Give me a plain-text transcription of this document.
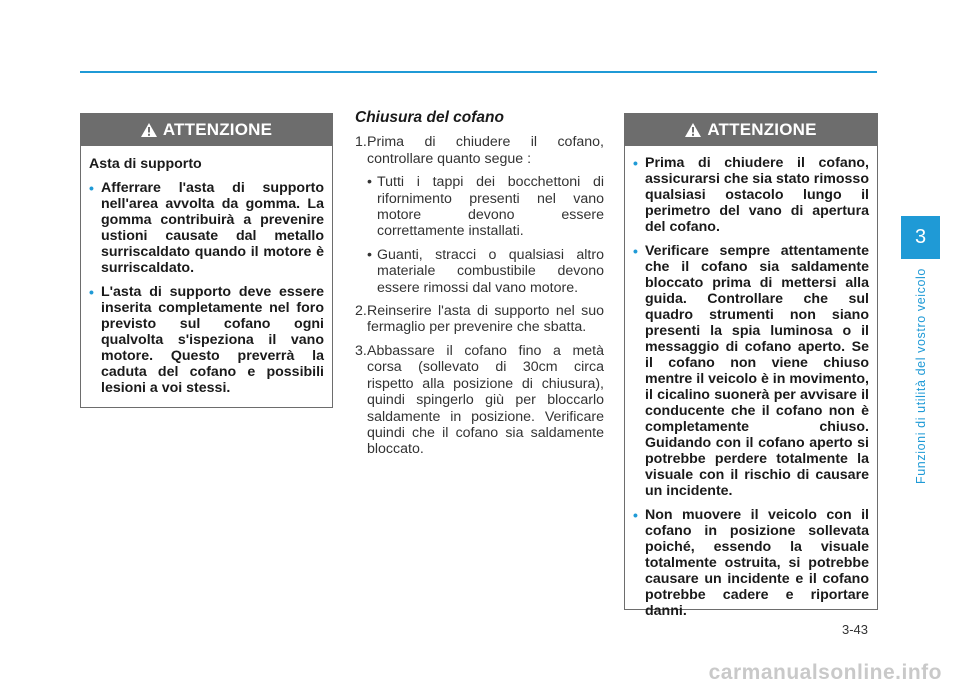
ATTENZIONE
Asta di supporto
• Afferrare l'asta di supporto nell'area avvolta da gomma. La gomma contribuirà a prevenire ustioni causate dal metallo surriscaldato quando il motore è surriscaldato.
• L'asta di supporto deve essere inserita completamente nel foro previsto sul cofano ogni qualvolta s'ispeziona il vano motore. Questo preverrà la caduta del cofano e possibili lesioni a voi stessi.
Chiusura del cofano
1. Prima di chiudere il cofano, controllare quanto segue :
• Tutti i tappi dei bocchettoni di rifornimento presenti nel vano motore devono essere correttamente installati.
• Guanti, stracci o qualsiasi altro materiale combustibile devono essere rimossi dal vano motore.
2. Reinserire l'asta di supporto nel suo fermaglio per prevenire che sbatta.
3. Abbassare il cofano fino a metà corsa (sollevato di 30cm circa rispetto alla posizione di chiusura), quindi spingerlo giù per bloccarlo saldamente in posizione. Verificare quindi che il cofano sia saldamente bloccato.
ATTENZIONE
• Prima di chiudere il cofano, assicurarsi che sia stato rimosso qualsiasi ostacolo lungo il perimetro del vano di apertura del cofano.
• Verificare sempre attentamente che il cofano sia saldamente bloccato prima di mettersi alla guida. Controllare che sul quadro strumenti non siano presenti la spia luminosa o il messaggio di cofano aperto. Se il cofano non viene chiuso mentre il veicolo è in movimento, il cicalino suonerà per avvisare il conducente che il cofano non è completamente chiuso. Guidando con il cofano aperto si potrebbe perdere totalmente la visuale con il rischio di causare un incidente.
• Non muovere il veicolo con il cofano in posizione sollevata poiché, essendo la visuale totalmente ostruita, si potrebbe causare un incidente e il cofano potrebbe cadere e riportare danni.
3
Funzioni di utilità del vostro veicolo
3-43
carmanualsonline.info
